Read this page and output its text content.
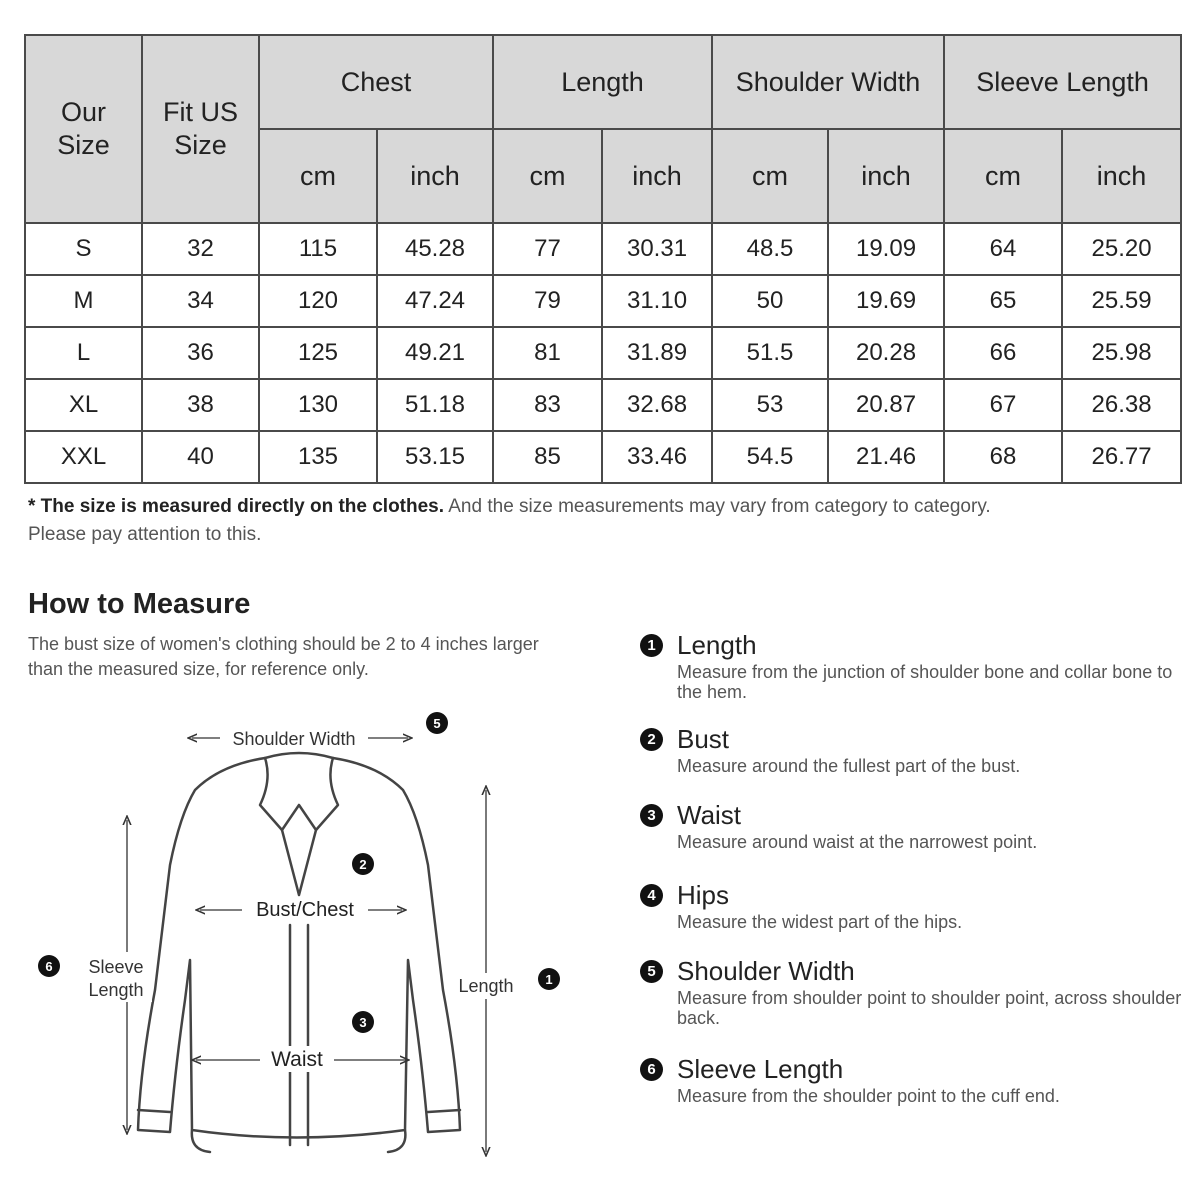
Our Size	Fit US Size	Chest		Length		Shoulder Width		Sleeve Length	
		cm	inch	cm	inch	cm	inch	cm	inch
S	32	115	45.28	77	30.31	48.5	19.09	64	25.20
M	34	120	47.24	79	31.10	50	19.69	65	25.59
L	36	125	49.21	81	31.89	51.5	20.28	66	25.98
XL	38	130	51.18	83	32.68	53	20.87	67	26.38
XXL	40	135	53.15	85	33.46	54.5	21.46	68	26.77
* The size is measured directly on the clothes. And the size measurements may vary from category to category. Please pay attention to this.
How to Measure
The bust size of women's clothing should be 2 to 4 inches larger than the measured size, for reference only.
Shoulder Width
Bust/Chest
Waist
Sleeve
Length	Length
5
2
3
6
1
1 Length
Measure from the junction of shoulder bone and collar bone to the hem.
2 Bust
Measure around the fullest part of the bust.
3 Waist
Measure around waist at the narrowest point.
4 Hips
Measure the widest part of the hips.
5 Shoulder Width
Measure from shoulder point to shoulder point, across shoulder back.
6 Sleeve Length
Measure from the shoulder point to the cuff end.
